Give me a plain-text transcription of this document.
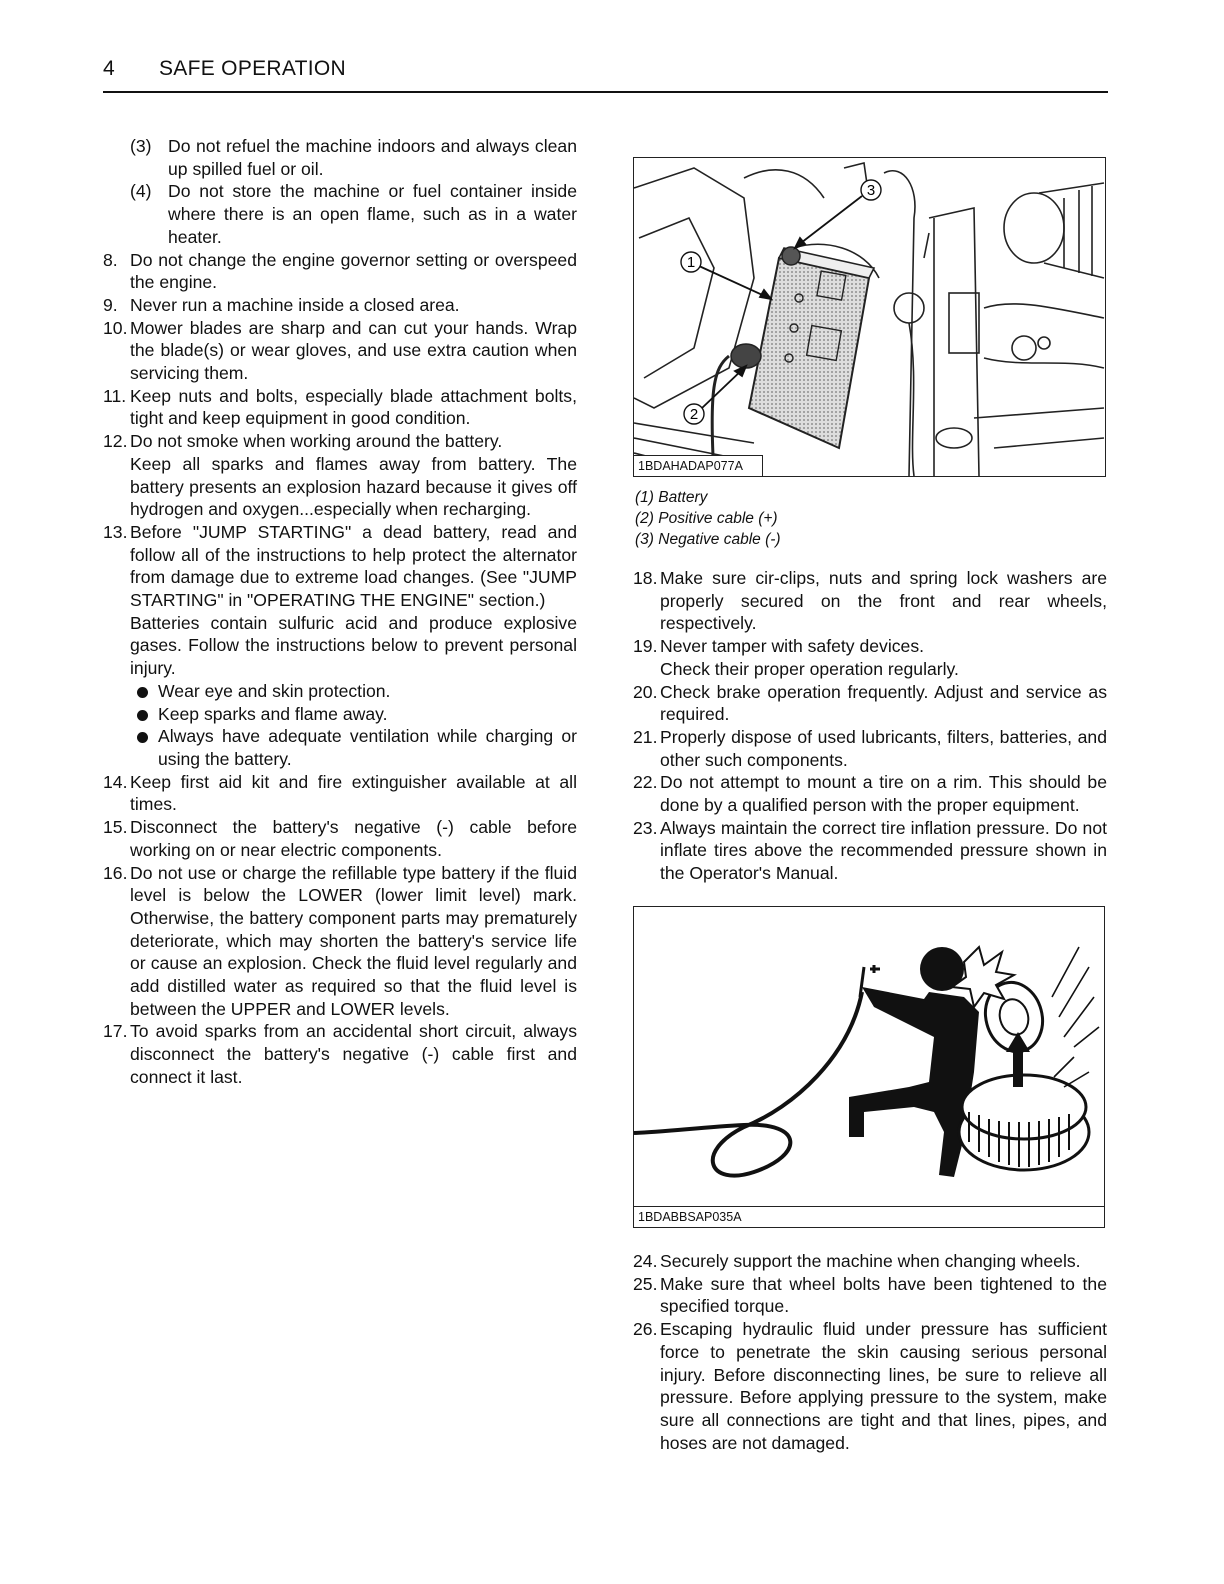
4 SAFE OPERATION
(3) Do not refuel the machine indoors and always clean up spilled fuel or oil.
(4) Do not store the machine or fuel container inside where there is an open flame, such as in a water heater.
8. Do not change the engine governor setting or overspeed the engine.
9. Never run a machine inside a closed area.
10. Mower blades are sharp and can cut your hands. Wrap the blade(s) or wear gloves, and use extra caution when servicing them.
11. Keep nuts and bolts, especially blade attachment bolts, tight and keep equipment in good condition.
12. Do not smoke when working around the battery.
Keep all sparks and flames away from battery. The battery presents an explosion hazard because it gives off hydrogen and oxygen...especially when recharging.
13. Before "JUMP STARTING" a dead battery, read and follow all of the instructions to help protect the alternator from damage due to extreme load changes. (See "JUMP STARTING" in "OPERATING THE ENGINE" section.)
Batteries contain sulfuric acid and produce explosive gases. Follow the instructions below to prevent personal injury.
Wear eye and skin protection.
Keep sparks and flame away.
Always have adequate ventilation while charging or using the battery.
14. Keep first aid kit and fire extinguisher available at all times.
15. Disconnect the battery's negative (-) cable before working on or near electric components.
16. Do not use or charge the refillable type battery if the fluid level is below the LOWER (lower limit level) mark. Otherwise, the battery component parts may prematurely deteriorate, which may shorten the battery's service life or cause an explosion. Check the fluid level regularly and add distilled water as required so that the fluid level is between the UPPER and LOWER levels.
17. To avoid sparks from an accidental short circuit, always disconnect the battery's negative (-) cable first and connect it last.
1
2
3
1BDAHADAP077A
(1) Battery
(2) Positive cable (+)
(3) Negative cable (-)
18. Make sure cir-clips, nuts and spring lock washers are properly secured on the front and rear wheels, respectively.
19. Never tamper with safety devices.
Check their proper operation regularly.
20. Check brake operation frequently. Adjust and service as required.
21. Properly dispose of used lubricants, filters, batteries, and other such components.
22. Do not attempt to mount a tire on a rim. This should be done by a qualified person with the proper equipment.
23. Always maintain the correct tire inflation pressure. Do not inflate tires above the recommended pressure shown in the Operator's Manual.
1BDABBSAP035A
24. Securely support the machine when changing wheels.
25. Make sure that wheel bolts have been tightened to the specified torque.
26. Escaping hydraulic fluid under pressure has sufficient force to penetrate the skin causing serious personal injury. Before disconnecting lines, be sure to relieve all pressure. Before applying pressure to the system, make sure all connections are tight and that lines, pipes, and hoses are not damaged.
